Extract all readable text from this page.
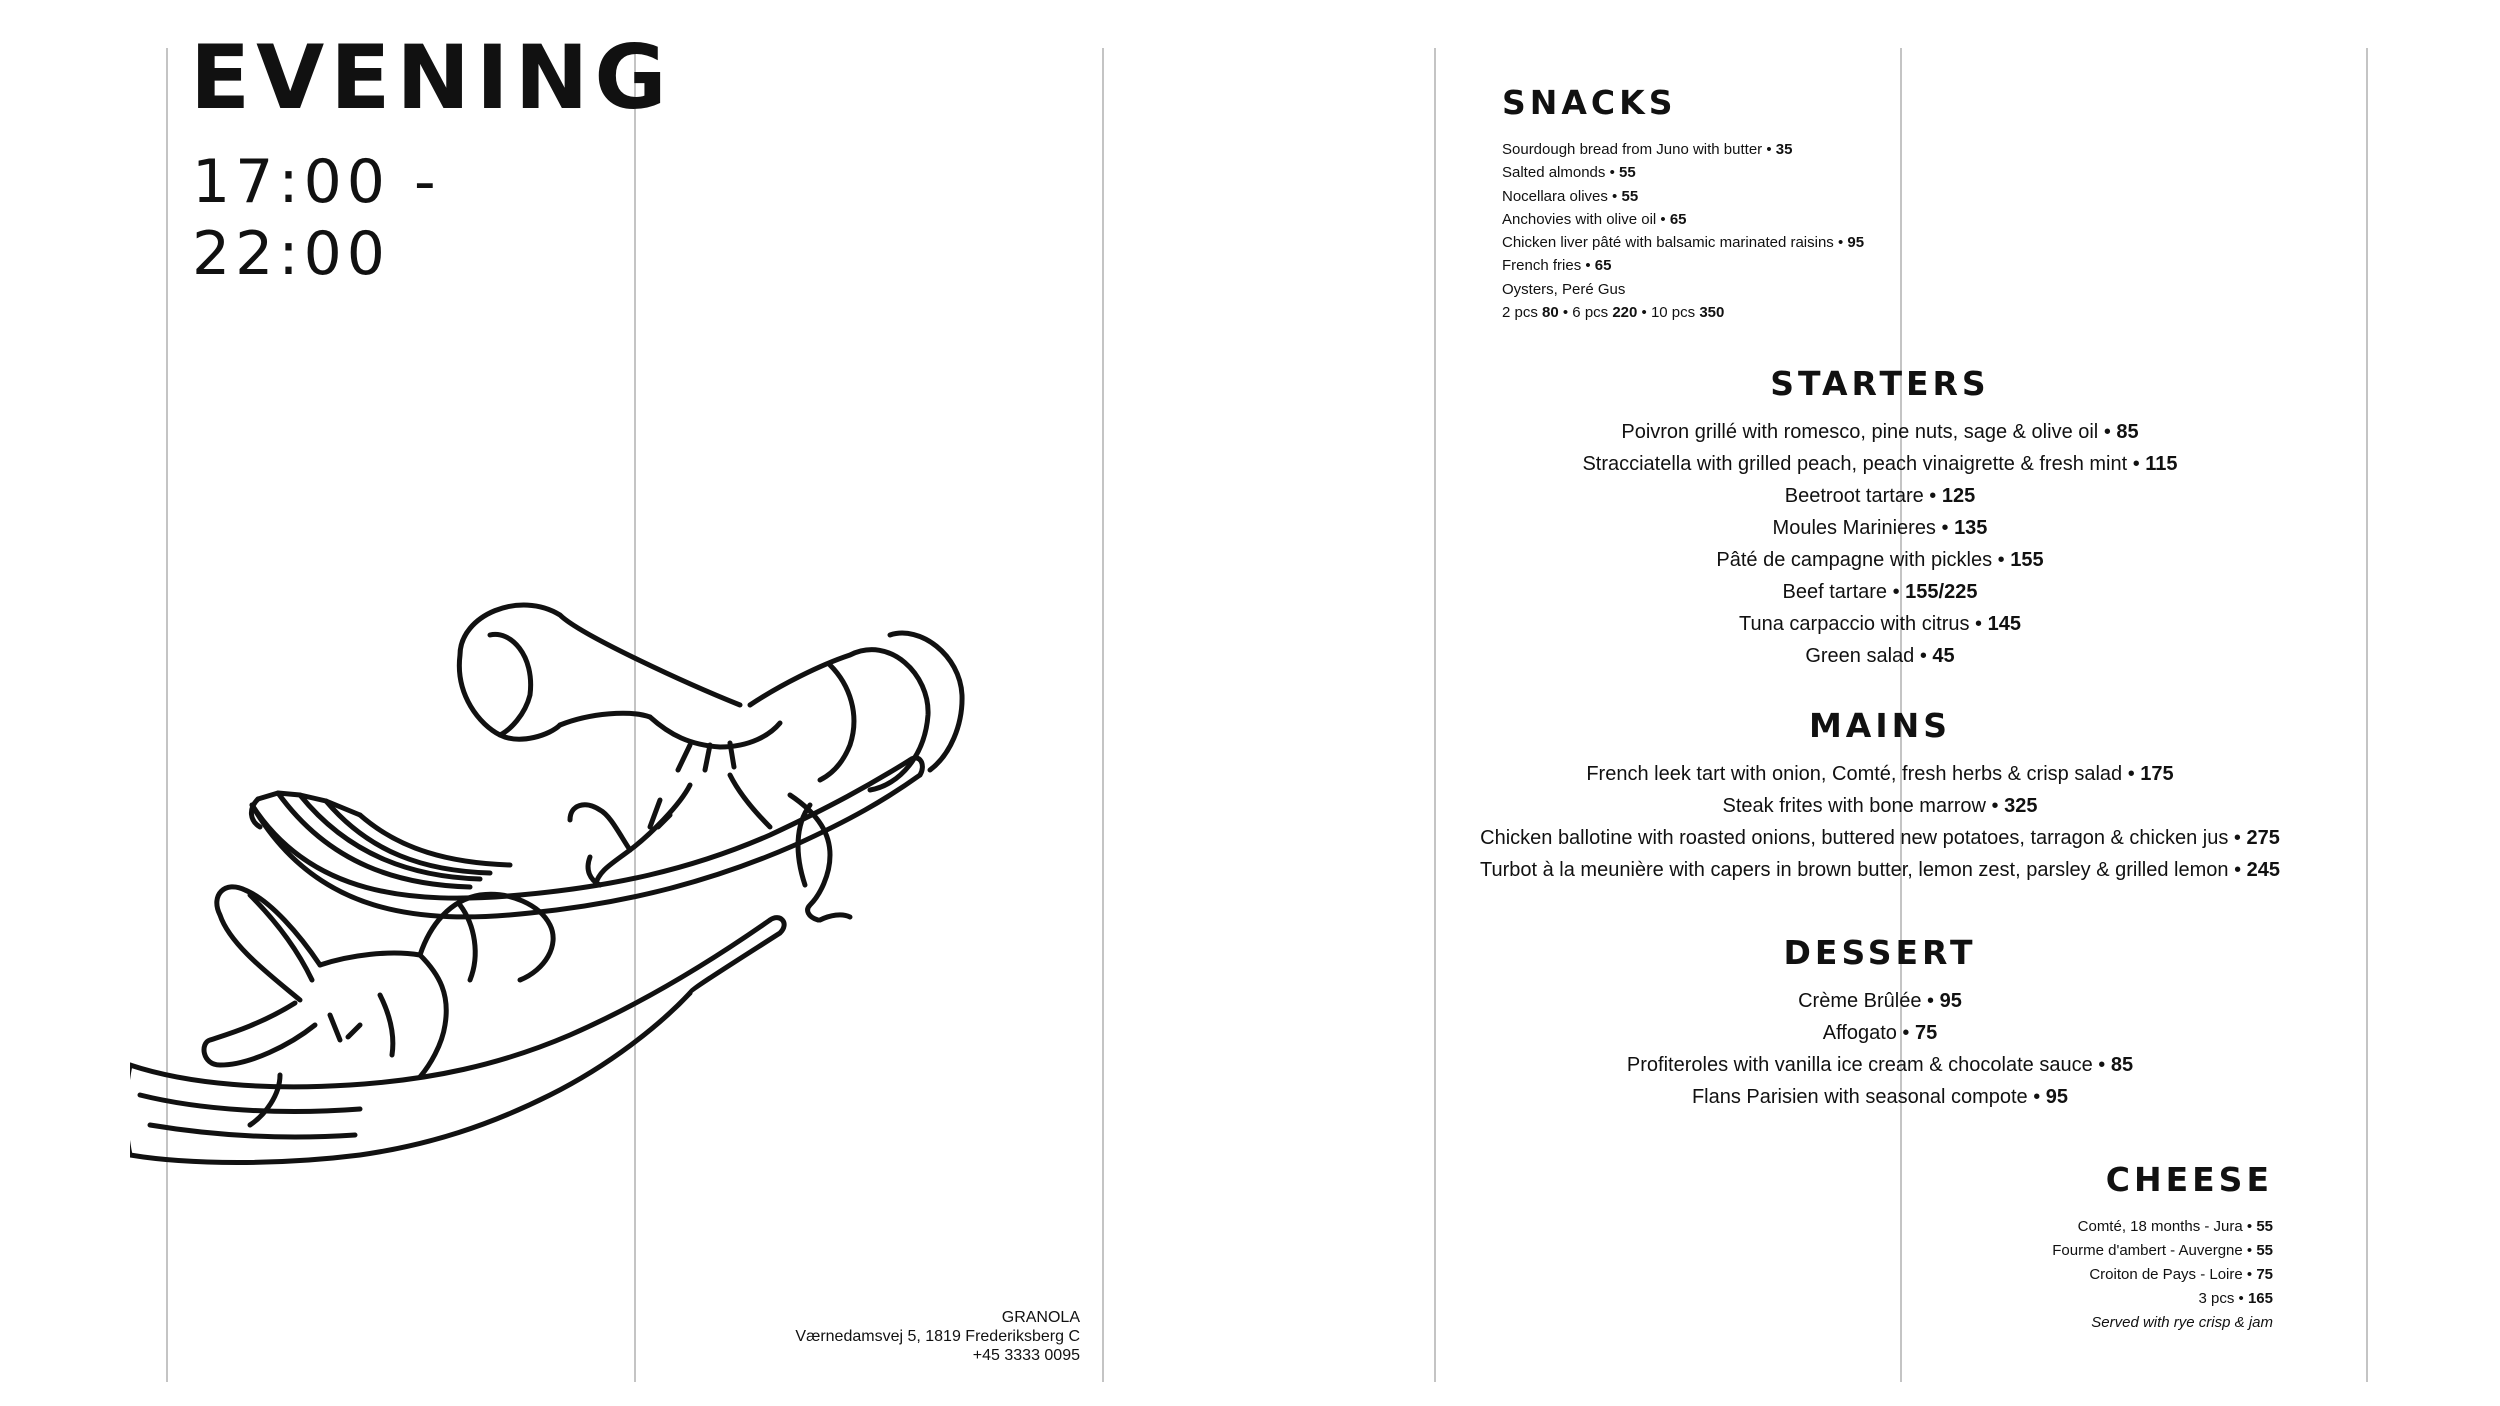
EVENING
17:00 -
22:00
GRANOLA
Værnedamsvej 5, 1819 Frederiksberg C
+45 3333 0095
SNACKS
Sourdough bread from Juno with butter • 35
Salted almonds • 55
Nocellara olives • 55
Anchovies with olive oil • 65
Chicken liver pâté with balsamic marinated raisins • 95
French fries • 65
Oysters, Peré Gus
2 pcs 80 • 6 pcs 220 • 10 pcs 350
STARTERS
Poivron grillé with romesco, pine nuts, sage & olive oil • 85
Stracciatella with grilled peach, peach vinaigrette & fresh mint • 115
Beetroot tartare • 125
Moules Marinieres • 135
Pâté de campagne with pickles • 155
Beef tartare • 155/225
Tuna carpaccio with citrus • 145
Green salad • 45
MAINS
French leek tart with onion, Comté, fresh herbs & crisp salad • 175
Steak frites with bone marrow • 325
Chicken ballotine with roasted onions, buttered new potatoes, tarragon & chicken jus • 275
Turbot à la meunière with capers in brown butter, lemon zest, parsley & grilled lemon • 245
DESSERT
Crème Brûlée • 95
Affogato • 75
Profiteroles with vanilla ice cream & chocolate sauce • 85
Flans Parisien with seasonal compote • 95
CHEESE
Comté, 18 months - Jura • 55
Fourme d'ambert - Auvergne • 55
Croiton de Pays - Loire • 75
3 pcs • 165
Served with rye crisp & jam
